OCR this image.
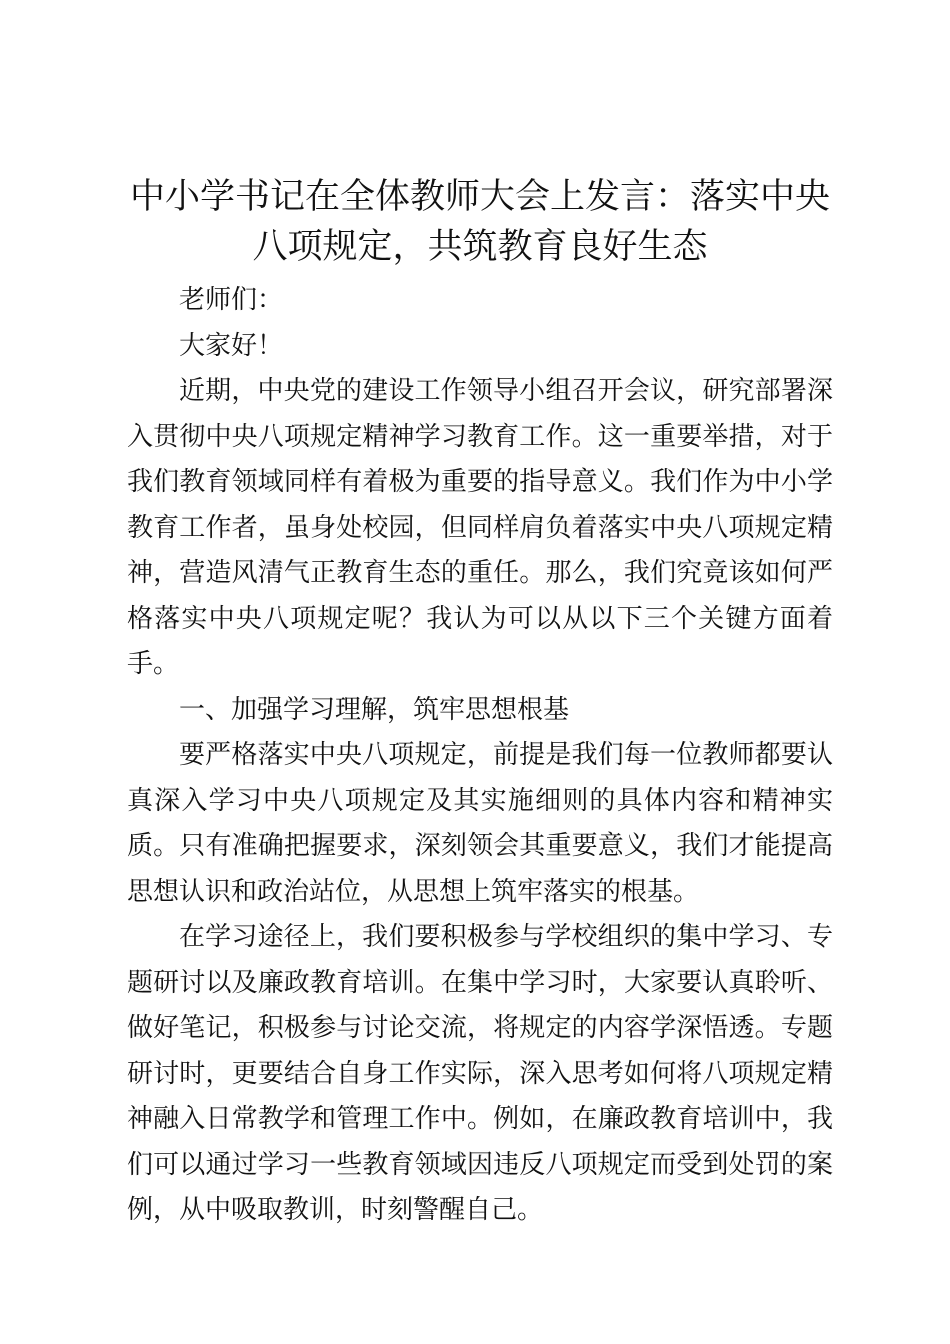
中小学书记在全体教师大会上发言：落实中央八项规定，共筑教育良好生态

老师们：

大家好！

近期，中央党的建设工作领导小组召开会议，研究部署深入贯彻中央八项规定精神学习教育工作。这一重要举措，对于我们教育领域同样有着极为重要的指导意义。我们作为中小学教育工作者，虽身处校园，但同样肩负着落实中央八项规定精神，营造风清气正教育生态的重任。那么，我们究竟该如何严格落实中央八项规定呢？我认为可以从以下三个关键方面着手。

一、加强学习理解，筑牢思想根基

要严格落实中央八项规定，前提是我们每一位教师都要认真深入学习中央八项规定及其实施细则的具体内容和精神实质。只有准确把握要求，深刻领会其重要意义，我们才能提高思想认识和政治站位，从思想上筑牢落实的根基。

在学习途径上，我们要积极参与学校组织的集中学习、专题研讨以及廉政教育培训。在集中学习时，大家要认真聆听、做好笔记，积极参与讨论交流，将规定的内容学深悟透。专题研讨时，更要结合自身工作实际，深入思考如何将八项规定精神融入日常教学和管理工作中。例如，在廉政教育培训中，我们可以通过学习一些教育领域因违反八项规定而受到处罚的案例，从中吸取教训，时刻警醒自己。
